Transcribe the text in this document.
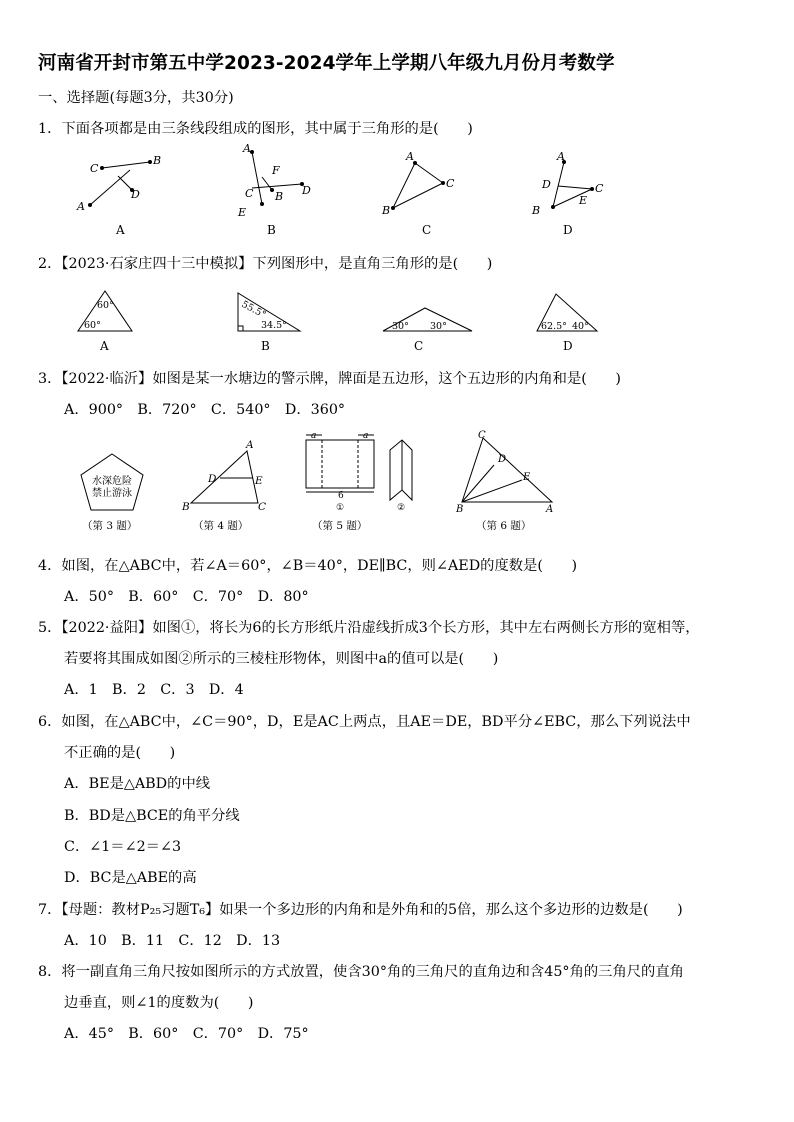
河南省开封市第五中学2023-2024学年上学期八年级九月份月考数学
一、选择题(每题3分，共30分)
1．下面各项都是由三条线段组成的图形，其中属于三角形的是(　　)
A
C
B
D
A
F
C B D
E
A
C
B
A
D
B
E
C
A	B	C	D
2．【2023·石家庄四十三中模拟】下列图形中，是直角三角形的是(　　)
60°
60°
55.5°
34.5°	30° 30°	62.5° 40°
A	B	C	D
3．【2022·临沂】如图是某一水塘边的警示牌，牌面是五边形，这个五边形的内角和是(　　)
A．900°　B．720°　C．540°　D．360°
水深危险
禁止游泳
（第 3 题）
A
D	E
B	C
（第 4 题）
a	a
6
①	②
（第 5 题）
C
D
E
B	A
（第 6 题）
4．如图，在△ABC中，若∠A＝60°，∠B＝40°，DE∥BC，则∠AED的度数是(　　)
A．50°　B．60°　C．70°　D．80°
5．【2022·益阳】如图①，将长为6的长方形纸片沿虚线折成3个长方形，其中左右两侧长方形的宽相等，
若要将其围成如图②所示的三棱柱形物体，则图中a的值可以是(　　)
A．1　B．2　C．3　D．4
6．如图，在△ABC中，∠C＝90°，D，E是AC上两点，且AE＝DE，BD平分∠EBC，那么下列说法中
不正确的是(　　)
A．BE是△ABD的中线
B．BD是△BCE的角平分线
C．∠1＝∠2＝∠3
D．BC是△ABE的高
7．【母题：教材P₂₅习题T₆】如果一个多边形的内角和是外角和的5倍，那么这个多边形的边数是(　　)
A．10　B．11　C．12　D．13
8．将一副直角三角尺按如图所示的方式放置，使含30°角的三角尺的直角边和含45°角的三角尺的直角
边垂直，则∠1的度数为(　　)
A．45°　B．60°　C．70°　D．75°
